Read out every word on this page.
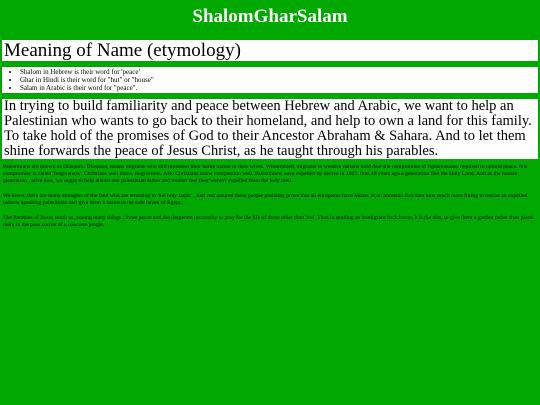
ShalomGharSalam
Meaning of Name (etymology)
• Shalom in Hebrew is their word for 'peace'
• Ghar in Hindi is their word for "hut" or "house"
• Salam in Arabic is their word for "peace".
In trying to build familiarity and peace between Hebrew and Arabic, we want to help an Palestinian who wants to go back to their homeland, and help to own a land for this family. To take hold of the promises of God to their Ancestor Abraham & Sahara. And to let them shine forwards the peace of Jesus Christ, as he taught through his parables.

Palestinians are known as Diaspora. Diaspora, means migrants who still represent their home nation to their wives. Westernized, migrants to western nations hold dear the compromise of righteousness required to uphold peace. this compromise is called 'forgiveness'. Christians well know, forgiveness. Also Christians know compassion well. Palestinians were expelled by decree in 1967. thus 46 years ago a generation fled the Holy Land. And as the human generation , alive now, we ought to help atleast one palestinian father and mother feel they weren't expelled from the holy land.

We know, there are many strangers of the land who are returning to 'the holy lands' . And rest assured these people probably prove that all europeans have Moses as an ancestor. But then how much more fitting to rescue an expelled hebrew speaking palestinian and give them a house in the safe haven of Egypt.

The Parables of Jesus, teach us, among many things : inner peace and the desperate neccessity to pray for the life of those other than 'me'. Thus in sending an immigrant back home, it is the aim, to give them a garden rather than plonk them in the poor corner of a concrete jungle.
